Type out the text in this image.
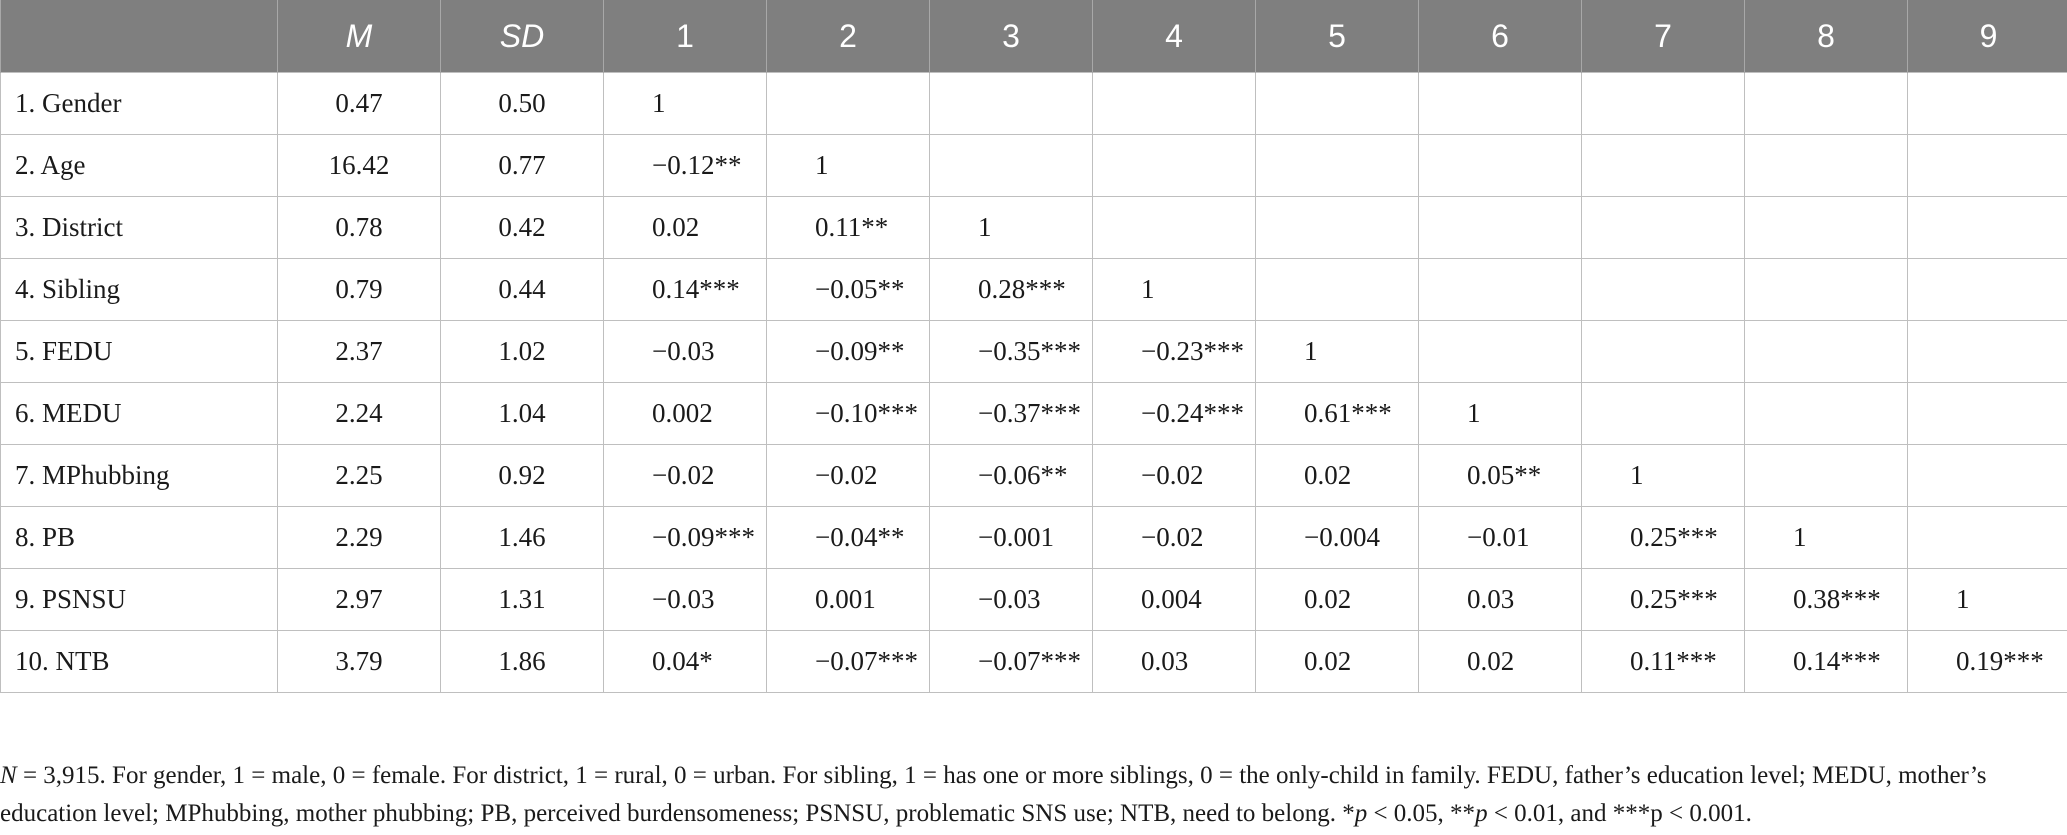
	M	SD	1	2	3	4	5	6	7	8	9
1. Gender	0.47	0.50	1								
2. Age	16.42	0.77	−0.12**	1							
3. District	0.78	0.42	0.02	0.11**	1						
4. Sibling	0.79	0.44	0.14***	−0.05**	0.28***	1					
5. FEDU	2.37	1.02	−0.03	−0.09**	−0.35***	−0.23***	1				
6. MEDU	2.24	1.04	0.002	−0.10***	−0.37***	−0.24***	0.61***	1			
7. MPhubbing	2.25	0.92	−0.02	−0.02	−0.06**	−0.02	0.02	0.05**	1		
8. PB	2.29	1.46	−0.09***	−0.04**	−0.001	−0.02	−0.004	−0.01	0.25***	1	
9. PSNSU	2.97	1.31	−0.03	0.001	−0.03	0.004	0.02	0.03	0.25***	0.38***	1
10. NTB	3.79	1.86	0.04*	−0.07***	−0.07***	0.03	0.02	0.02	0.11***	0.14***	0.19***
N = 3,915. For gender, 1 = male, 0 = female. For district, 1 = rural, 0 = urban. For sibling, 1 = has one or more siblings, 0 = the only-child in family. FEDU, father’s education level; MEDU, mother’s
education level; MPhubbing, mother phubbing; PB, perceived burdensomeness; PSNSU, problematic SNS use; NTB, need to belong. *p < 0.05, **p < 0.01, and ***p < 0.001.
